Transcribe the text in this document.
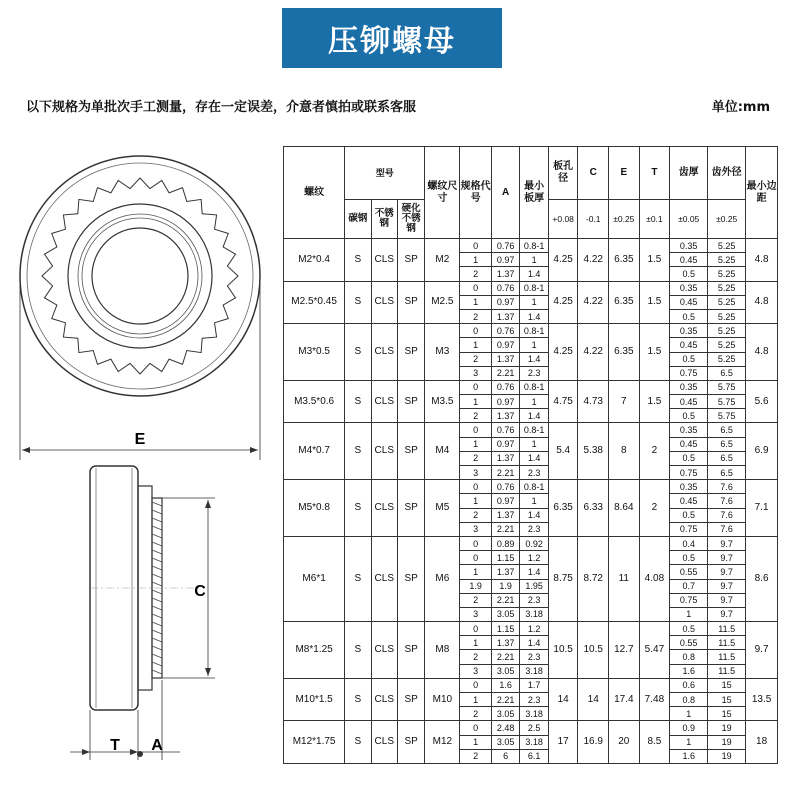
压铆螺母
以下规格为单批次手工测量，存在一定误差，介意者慎拍或联系客服	单位:mm
E
C
T A
螺纹	型号			螺纹尺寸	规格代号	A	最小板厚	板孔径	C	E	T	齿厚	齿外径	最小边距
	碳钢	不锈钢	硬化不锈钢					+0.08	-0.1	±0.25	±0.1	±0.05	±0.25	
M2*0.4	S	CLS	SP	M2	0	0.76	0.8-1	4.25	4.22	6.35	1.5	0.35	5.25	4.8
					1	0.97	1					0.45	5.25	
					2	1.37	1.4					0.5	5.25	
M2.5*0.45	S	CLS	SP	M2.5	0	0.76	0.8-1	4.25	4.22	6.35	1.5	0.35	5.25	4.8
					1	0.97	1					0.45	5.25	
					2	1.37	1.4					0.5	5.25	
M3*0.5	S	CLS	SP	M3	0	0.76	0.8-1	4.25	4.22	6.35	1.5	0.35	5.25	4.8
					1	0.97	1					0.45	5.25	
					2	1.37	1.4					0.5	5.25	
					3	2.21	2.3					0.75	6.5	
M3.5*0.6	S	CLS	SP	M3.5	0	0.76	0.8-1	4.75	4.73	7	1.5	0.35	5.75	5.6
					1	0.97	1					0.45	5.75	
					2	1.37	1.4					0.5	5.75	
M4*0.7	S	CLS	SP	M4	0	0.76	0.8-1	5.4	5.38	8	2	0.35	6.5	6.9
					1	0.97	1					0.45	6.5	
					2	1.37	1.4					0.5	6.5	
					3	2.21	2.3					0.75	6.5	
M5*0.8	S	CLS	SP	M5	0	0.76	0.8-1	6.35	6.33	8.64	2	0.35	7.6	7.1
					1	0.97	1					0.45	7.6	
					2	1.37	1.4					0.5	7.6	
					3	2.21	2.3					0.75	7.6	
M6*1	S	CLS	SP	M6	0	0.89	0.92	8.75	8.72	11	4.08	0.4	9.7	8.6
					0	1.15	1.2					0.5	9.7	
					1	1.37	1.4					0.55	9.7	
					1.9	1.9	1.95					0.7	9.7	
					2	2.21	2.3					0.75	9.7	
					3	3.05	3.18					1	9.7	
M8*1.25	S	CLS	SP	M8	0	1.15	1.2	10.5	10.5	12.7	5.47	0.5	11.5	9.7
					1	1.37	1.4					0.55	11.5	
					2	2.21	2.3					0.8	11.5	
					3	3.05	3.18					1.6	11.5	
M10*1.5	S	CLS	SP	M10	0	1.6	1.7	14	14	17.4	7.48	0.6	15	13.5
					1	2.21	2.3					0.8	15	
					2	3.05	3.18					1	15	
M12*1.75	S	CLS	SP	M12	0	2.48	2.5	17	16.9	20	8.5	0.9	19	18
					1	3.05	3.18					1	19	
					2	6	6.1					1.6	19	
